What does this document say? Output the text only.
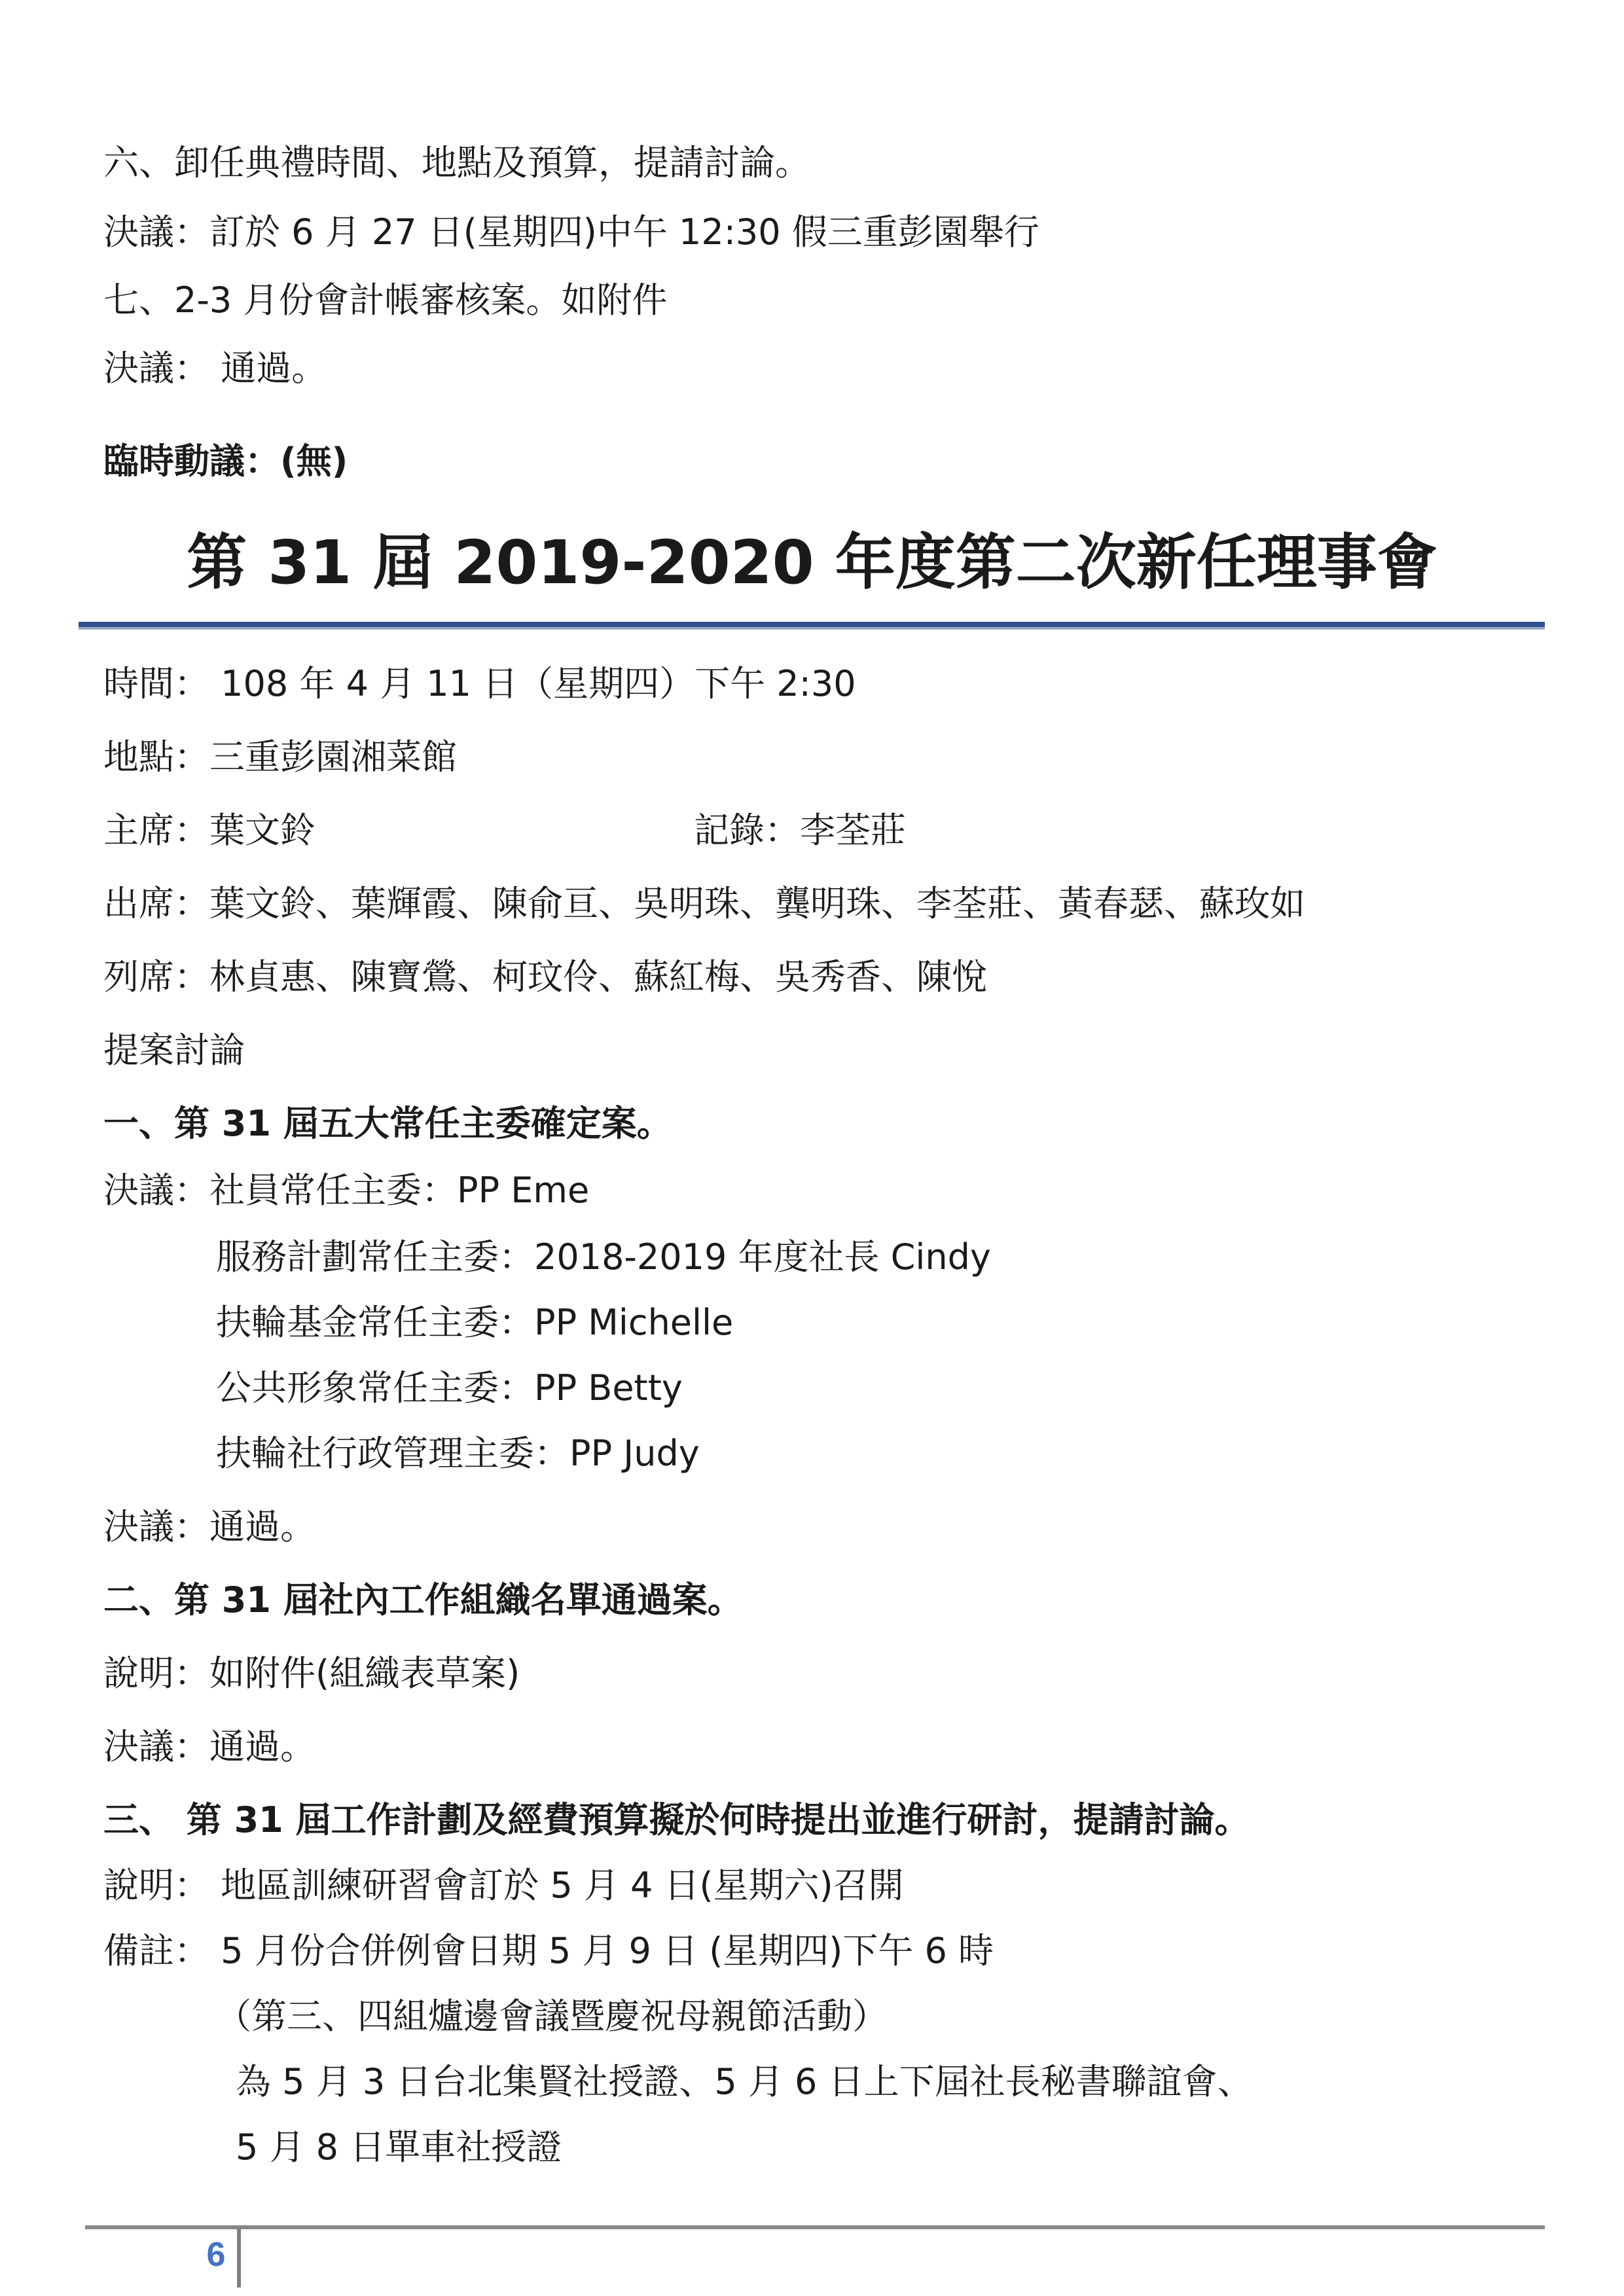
六、卸任典禮時間、地點及預算，提請討論。
決議：訂於 6 月 27 日(星期四)中午 12:30 假三重彭園舉行
七、2-3 月份會計帳審核案。如附件
決議： 通過。
臨時動議：(無)
第 31 屆 2019-2020 年度第二次新任理事會
時間： 108 年 4 月 11 日（星期四）下午 2:30
地點：三重彭園湘菜館
主席：葉文鈴	記錄：李荃莊
出席：葉文鈴、葉輝霞、陳俞亘、吳明珠、龔明珠、李荃莊、黃春瑟、蘇玫如
列席：林貞惠、陳寶鶯、柯玟伶、蘇紅梅、吳秀香、陳悅
提案討論
一、第 31 屆五大常任主委確定案。
決議：社員常任主委：PP Eme
服務計劃常任主委：2018-2019 年度社長 Cindy
扶輪基金常任主委：PP Michelle
公共形象常任主委：PP Betty
扶輪社行政管理主委：PP Judy
決議：通過。
二、第 31 屆社內工作組織名單通過案。
說明：如附件(組織表草案)
決議：通過。
三、 第 31 屆工作計劃及經費預算擬於何時提出並進行研討，提請討論。
說明： 地區訓練研習會訂於 5 月 4 日(星期六)召開
備註： 5 月份合併例會日期 5 月 9 日 (星期四)下午 6 時
（第三、四組爐邊會議暨慶祝母親節活動）
為 5 月 3 日台北集賢社授證、5 月 6 日上下屆社長秘書聯誼會、
5 月 8 日單車社授證
6
